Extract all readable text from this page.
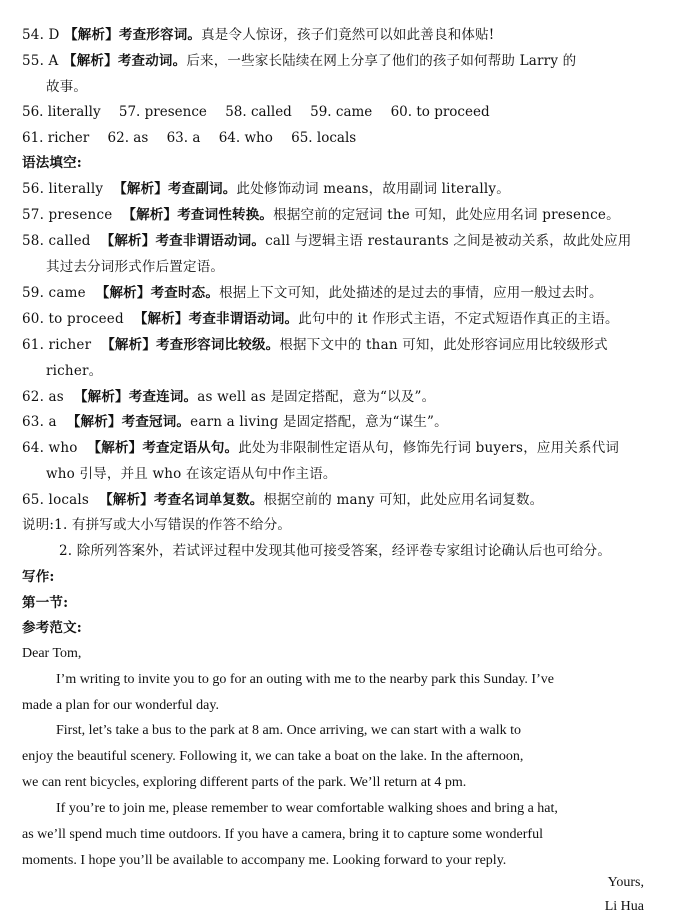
54. D 【解析】考查形容词。真是令人惊讶，孩子们竟然可以如此善良和体贴!
55. A 【解析】考查动词。后来，一些家长陆续在网上分享了他们的孩子如何帮助 Larry 的
故事。
56. literally 57. presence 58. called 59. came 60. to proceed
61. richer 62. as 63. a 64. who 65. locals
语法填空:
56. literally 【解析】考查副词。此处修饰动词 means，故用副词 literally。
57. presence 【解析】考查词性转换。根据空前的定冠词 the 可知，此处应用名词 presence。
58. called 【解析】考查非谓语动词。call 与逻辑主语 restaurants 之间是被动关系，故此处应用
其过去分词形式作后置定语。
59. came 【解析】考查时态。根据上下文可知，此处描述的是过去的事情，应用一般过去时。
60. to proceed 【解析】考查非谓语动词。此句中的 it 作形式主语，不定式短语作真正的主语。
61. richer 【解析】考查形容词比较级。根据下文中的 than 可知，此处形容词应用比较级形式
richer。
62. as 【解析】考查连词。as well as 是固定搭配，意为“以及”。
63. a 【解析】考查冠词。earn a living 是固定搭配，意为“谋生”。
64. who 【解析】考查定语从句。此处为非限制性定语从句，修饰先行词 buyers，应用关系代词
who 引导，并且 who 在该定语从句中作主语。
65. locals 【解析】考查名词单复数。根据空前的 many 可知，此处应用名词复数。
说明:1. 有拼写或大小写错误的作答不给分。
2. 除所列答案外，若试评过程中发现其他可接受答案，经评卷专家组讨论确认后也可给分。
写作:
第一节:
参考范文:
Dear Tom,
I’m writing to invite you to go for an outing with me to the nearby park this Sunday. I’ve
made a plan for our wonderful day.
First, let’s take a bus to the park at 8 am. Once arriving, we can start with a walk to
enjoy the beautiful scenery. Following it, we can take a boat on the lake. In the afternoon,
we can rent bicycles, exploring different parts of the park. We’ll return at 4 pm.
If you’re to join me, please remember to wear comfortable walking shoes and bring a hat,
as we’ll spend much time outdoors. If you have a camera, bring it to capture some wonderful
moments. I hope you’ll be available to accompany me. Looking forward to your reply.
Yours,
Li Hua
